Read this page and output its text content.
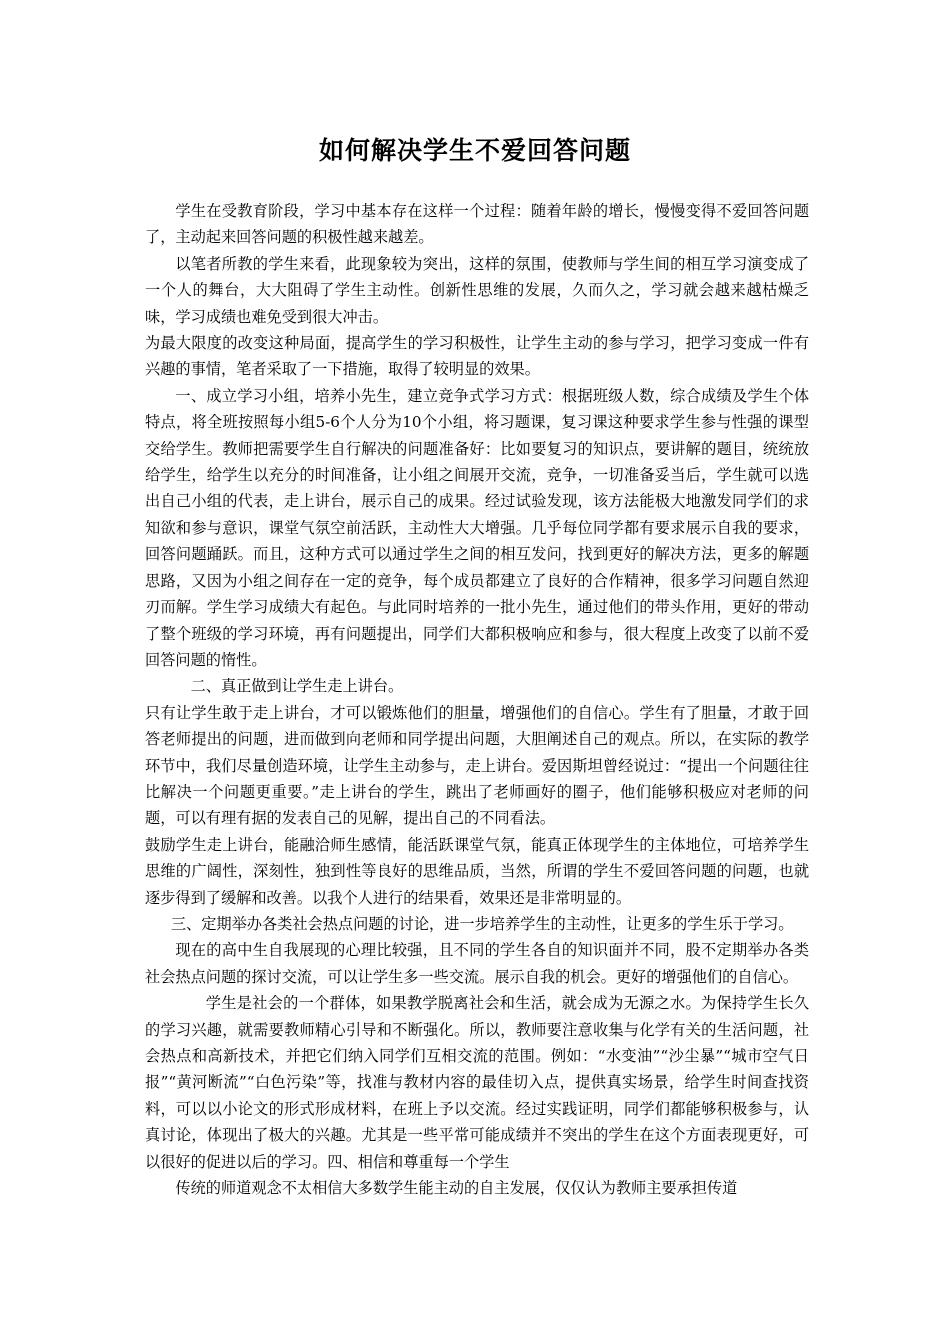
如何解决学生不爱回答问题

学生在受教育阶段，学习中基本存在这样一个过程：随着年龄的增长，慢慢变得不爱回答问题了，主动起来回答问题的积极性越来越差。

以笔者所教的学生来看，此现象较为突出，这样的氛围，使教师与学生间的相互学习演变成了一个人的舞台，大大阻碍了学生主动性。创新性思维的发展，久而久之，学习就会越来越枯燥乏味，学习成绩也难免受到很大冲击。

为最大限度的改变这种局面，提高学生的学习积极性，让学生主动的参与学习，把学习变成一件有兴趣的事情，笔者采取了一下措施，取得了较明显的效果。

一、成立学习小组，培养小先生，建立竞争式学习方式：根据班级人数，综合成绩及学生个体特点，将全班按照每小组5-6个人分为10个小组，将习题课，复习课这种要求学生参与性强的课型交给学生。教师把需要学生自行解决的问题准备好：比如要复习的知识点，要讲解的题目，统统放给学生，给学生以充分的时间准备，让小组之间展开交流，竞争，一切准备妥当后，学生就可以选出自己小组的代表，走上讲台，展示自己的成果。经过试验发现，该方法能极大地激发同学们的求知欲和参与意识，课堂气氛空前活跃，主动性大大增强。几乎每位同学都有要求展示自我的要求，回答问题踊跃。而且，这种方式可以通过学生之间的相互发问，找到更好的解决方法，更多的解题思路，又因为小组之间存在一定的竞争，每个成员都建立了良好的合作精神，很多学习问题自然迎刃而解。学生学习成绩大有起色。与此同时培养的一批小先生，通过他们的带头作用，更好的带动了整个班级的学习环境，再有问题提出，同学们大都积极响应和参与，很大程度上改变了以前不爱回答问题的惰性。

二、真正做到让学生走上讲台。

只有让学生敢于走上讲台，才可以锻炼他们的胆量，增强他们的自信心。学生有了胆量，才敢于回答老师提出的问题，进而做到向老师和同学提出问题，大胆阐述自己的观点。所以，在实际的教学环节中，我们尽量创造环境，让学生主动参与，走上讲台。爱因斯坦曾经说过：“提出一个问题往往比解决一个问题更重要。”走上讲台的学生，跳出了老师画好的圈子，他们能够积极应对老师的问题，可以有理有据的发表自己的见解，提出自己的不同看法。

鼓励学生走上讲台，能融洽师生感情，能活跃课堂气氛，能真正体现学生的主体地位，可培养学生思维的广阔性，深刻性，独到性等良好的思维品质，当然，所谓的学生不爱回答问题的问题，也就逐步得到了缓解和改善。以我个人进行的结果看，效果还是非常明显的。

三、定期举办各类社会热点问题的讨论，进一步培养学生的主动性，让更多的学生乐于学习。

现在的高中生自我展现的心理比较强，且不同的学生各自的知识面并不同，股不定期举办各类社会热点问题的探讨交流，可以让学生多一些交流。展示自我的机会。更好的增强他们的自信心。

学生是社会的一个群体，如果教学脱离社会和生活，就会成为无源之水。为保持学生长久的学习兴趣，就需要教师精心引导和不断强化。所以，教师要注意收集与化学有关的生活问题，社会热点和高新技术，并把它们纳入同学们互相交流的范围。例如：“水变油”“沙尘暴”“城市空气日报”“黄河断流”“白色污染”等，找准与教材内容的最佳切入点，提供真实场景，给学生时间查找资料，可以以小论文的形式形成材料，在班上予以交流。经过实践证明，同学们都能够积极参与，认真讨论，体现出了极大的兴趣。尤其是一些平常可能成绩并不突出的学生在这个方面表现更好，可以很好的促进以后的学习。四、相信和尊重每一个学生

传统的师道观念不太相信大多数学生能主动的自主发展，仅仅认为教师主要承担传道
